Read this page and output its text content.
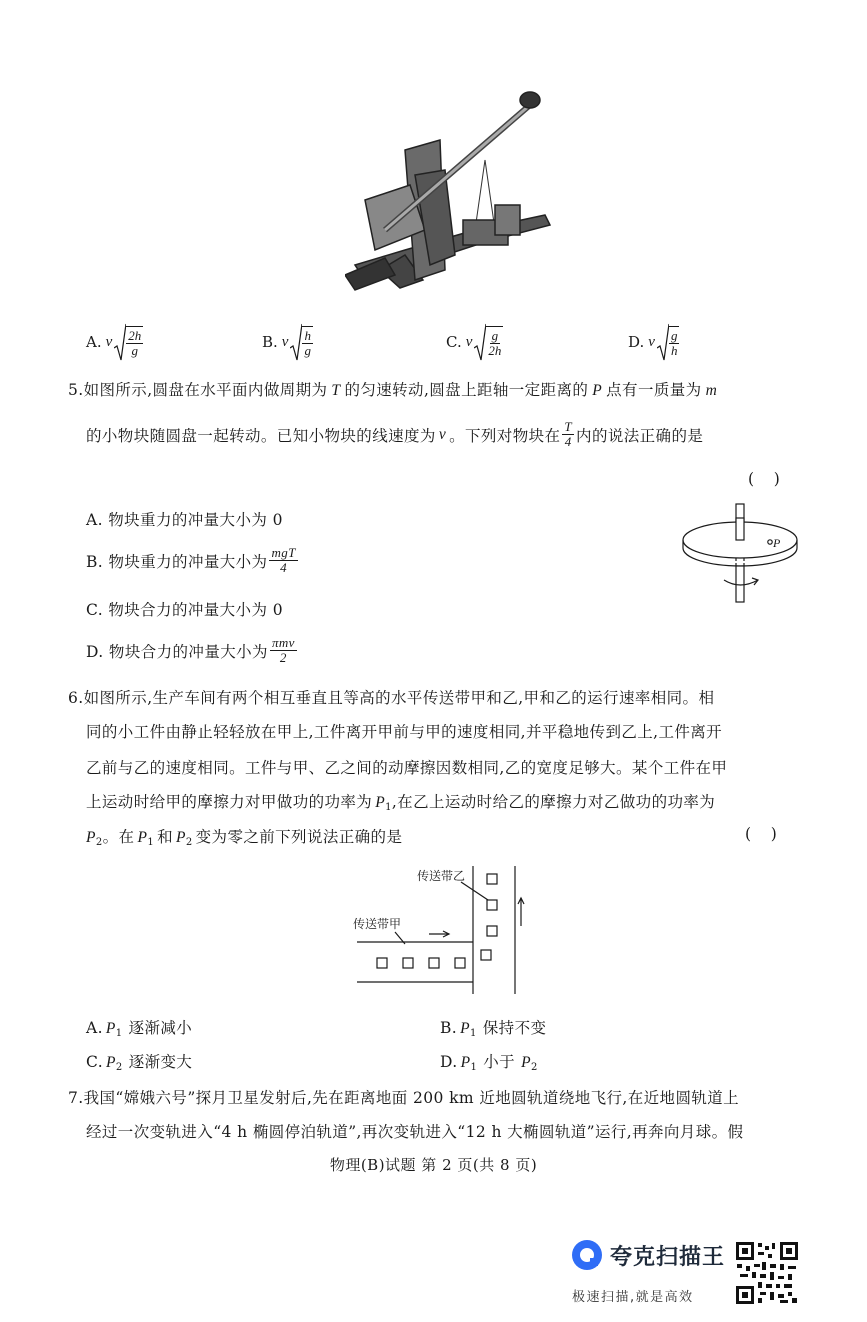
A. v $\frac{2h}{g}$	B. v $\frac{h}{g}$	C. v $\frac{g}{2h}$	D. v $\frac{g}{h}$
5.如图所示,圆盘在水平面内做周期为 T 的匀速转动,圆盘上距轴一定距离的 P 点有一质量为 m
的小物块随圆盘一起转动。已知小物块的线速度为 v 。下列对物块在 $\frac{T}{4}$ 内的说法正确的是
(    )
A. 物块重力的冲量大小为 0
B. 物块重力的冲量大小为 $\frac{\text{mgT}}{4}$
C. 物块合力的冲量大小为 0
D. 物块合力的冲量大小为 $\frac{\text{πmv}}{2}$
P
6.如图所示,生产车间有两个相互垂直且等高的水平传送带甲和乙,甲和乙的运行速率相同。相
同的小工件由静止轻轻放在甲上,工件离开甲前与甲的速度相同,并平稳地传到乙上,工件离开
乙前与乙的速度相同。工件与甲、乙之间的动摩擦因数相同,乙的宽度足够大。某个工件在甲
上运动时给甲的摩擦力对甲做功的功率为 $P_1$,在乙上运动时给乙的摩擦力对乙做功的功率为
$P_2$。在 $P_1$ 和 $P_2$ 变为零之前下列说法正确的是	(    )
传送带乙
传送带甲
A. $P_1$ 逐渐减小	B. $P_1$ 保持不变
C. $P_2$ 逐渐变大	D. $P_1$ 小于 $P_2$
7.我国“嫦娥六号”探月卫星发射后,先在距离地面 200 km 近地圆轨道绕地飞行,在近地圆轨道上
经过一次变轨进入“4 h 椭圆停泊轨道”,再次变轨进入“12 h 大椭圆轨道”运行,再奔向月球。假
物理(B)试题 第 2 页(共 8 页)
夸克扫描王
极速扫描,就是高效
